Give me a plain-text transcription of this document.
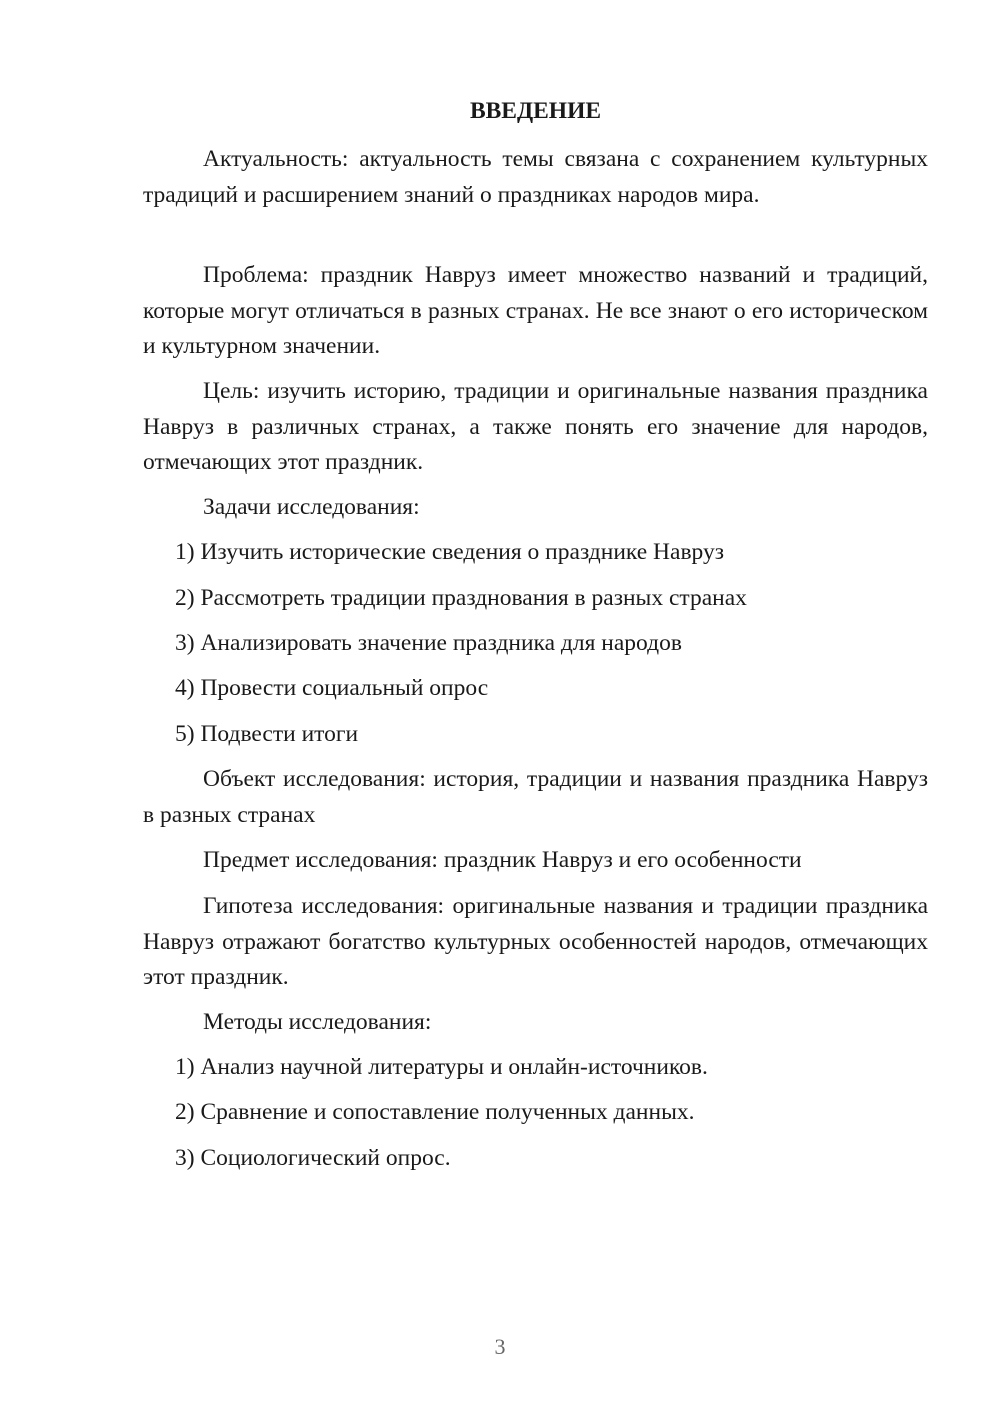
ВВЕДЕНИЕ

Актуальность: актуальность темы связана с сохранением культурных традиций и расширением знаний о праздниках народов мира.

Проблема: праздник Навруз имеет множество названий и традиций, которые могут отличаться в разных странах. Не все знают о его историческом и культурном значении.

Цель: изучить историю, традиции и оригинальные названия праздника Навруз в различных странах, а также понять его значение для народов, отмечающих этот праздник.

Задачи исследования:

1) Изучить исторические сведения о празднике Навруз

2) Рассмотреть традиции празднования в разных странах

3) Анализировать значение праздника для народов

4) Провести социальный опрос

5) Подвести итоги

Объект исследования: история, традиции и названия праздника Навруз в разных странах

Предмет исследования: праздник Навруз и его особенности

Гипотеза исследования: оригинальные названия и традиции праздника Навруз отражают богатство культурных особенностей народов, отмечающих этот праздник.

Методы исследования:

1) Анализ научной литературы и онлайн-источников.

2) Сравнение и сопоставление полученных данных.

3) Социологический опрос.

3
